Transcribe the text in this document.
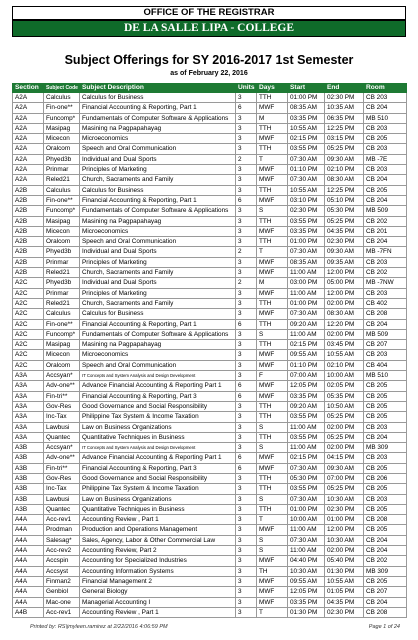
OFFICE OF THE REGISTRAR
DE LA SALLE LIPA - COLLEGE
Subject Offerings for SY 2016-2017 1st Semester
as of February 22, 2016
Section	Subject Code	Subject Description	Units	Days	Start	End	Room
A2A	Calculus	Calculus for Business	3	TTH	01:00 PM	02:30 PM	CB 203
A2A	Fin-one**	Financial Accounting & Reporting, Part 1	6	MWF	08:35 AM	10:35 AM	CB 204
A2A	Funcomp*	Fundamentals of Computer Software & Applications	3	M	03:35 PM	06:35 PM	MB 510
A2A	Masipag	Masining na Pagpapahayag	3	TTH	10:55 AM	12:25 PM	CB 203
A2A	Micecon	Microeconomics	3	MWF	02:15 PM	03:15 PM	CB 205
A2A	Oralcom	Speech and Oral Communication	3	TTH	03:55 PM	05:25 PM	CB 203
A2A	Phyed3b	Individual and Dual Sports	2	T	07:30 AM	09:30 AM	MB -7E
A2A	Prinmar	Principles of Marketing	3	MWF	01:10 PM	02:10 PM	CB 203
A2A	Reled21	Church, Sacraments and Family	3	MWF	07:30 AM	08:30 AM	CB 204
A2B	Calculus	Calculus for Business	3	TTH	10:55 AM	12:25 PM	CB 205
A2B	Fin-one**	Financial Accounting & Reporting, Part 1	6	MWF	03:10 PM	05:10 PM	CB 204
A2B	Funcomp*	Fundamentals of Computer Software & Applications	3	S	02:30 PM	05:30 PM	MB 509
A2B	Masipag	Masining na Pagpapahayag	3	TTH	03:55 PM	05:25 PM	CB 202
A2B	Micecon	Microeconomics	3	MWF	03:35 PM	04:35 PM	CB 201
A2B	Oralcom	Speech and Oral Communication	3	TTH	01:00 PM	02:30 PM	CB 204
A2B	Phyed3b	Individual and Dual Sports	2	T	07:30 AM	09:30 AM	MB -7FN
A2B	Prinmar	Principles of Marketing	3	MWF	08:35 AM	09:35 AM	CB 203
A2B	Reled21	Church, Sacraments and Family	3	MWF	11:00 AM	12:00 PM	CB 202
A2C	Phyed3b	Individual and Dual Sports	2	M	03:00 PM	05:00 PM	MB -7NW
A2C	Prinmar	Principles of Marketing	3	MWF	11:00 AM	12:00 PM	CB 203
A2C	Reled21	Church, Sacraments and Family	3	TTH	01:00 PM	02:00 PM	CB 402
A2C	Calculus	Calculus for Business	3	MWF	07:30 AM	08:30 AM	CB 208
A2C	Fin-one**	Financial Accounting & Reporting, Part 1	6	TTH	09:20 AM	12:20 PM	CB 204
A2C	Funcomp*	Fundamentals of Computer Software & Applications	3	S	11:00 AM	02:00 PM	MB 509
A2C	Masipag	Masining na Pagpapahayag	3	TTH	02:15 PM	03:45 PM	CB 207
A2C	Micecon	Microeconomics	3	MWF	09:55 AM	10:55 AM	CB 203
A2C	Oralcom	Speech and Oral Communication	3	MWF	01:10 PM	02:10 PM	CB 404
A3A	Accsyan*	IT Concepts and System Analysis and Design Development	3	F	07:00 AM	10:00 AM	MB 510
A3A	Adv-one**	Advance Financial Accounting & Reporting Part 1	6	MWF	12:05 PM	02:05 PM	CB 205
A3A	Fin-tri**	Financial Accounting & Reporting, Part 3	6	MWF	03:35 PM	05:35 PM	CB 205
A3A	Gov-Res	Good Governance and Social Responsibility	3	TTH	09:20 AM	10:50 AM	CB 205
A3A	Inc-Tax	Philippine Tax System & Income Taxation	3	TTH	03:55 PM	05:25 PM	CB 205
A3A	Lawbusi	Law on Business Organizations	3	S	11:00 AM	02:00 PM	CB 203
A3A	Quantec	Quantitative Techniques in Business	3	TTH	03:55 PM	05:25 PM	CB 204
A3B	Accsyan*	IT Concepts and System Analysis and Design Development	3	S	11:00 AM	02:00 PM	MB 309
A3B	Adv-one**	Advance Financial Accounting & Reporting Part 1	6	MWF	02:15 PM	04:15 PM	CB 203
A3B	Fin-tri**	Financial Accounting & Reporting, Part 3	6	MWF	07:30 AM	09:30 AM	CB 205
A3B	Gov-Res	Good Governance and Social Responsibility	3	TTH	05:30 PM	07:00 PM	CB 206
A3B	Inc-Tax	Philippine Tax System & Income Taxation	3	TTH	03:55 PM	05:25 PM	CB 205
A3B	Lawbusi	Law on Business Organizations	3	S	07:30 AM	10:30 AM	CB 203
A3B	Quantec	Quantitative Techniques in Business	3	TTH	01:00 PM	02:30 PM	CB 205
A4A	Acc-rev1	Accounting Review , Part 1	3	T	10:00 AM	01:00 PM	CB 208
A4A	Prodman	Production and Operations Management	3	MWF	11:00 AM	12:00 PM	CB 205
A4A	Salesag*	Sales, Agency, Labor & Other Commercial Law	3	S	07:30 AM	10:30 AM	CB 204
A4A	Acc-rev2	Accounting Review, Part 2	3	S	11:00 AM	02:00 PM	CB 204
A4A	Accspin	Accounting for Specialized Industries	3	MWF	04:40 PM	05:40 PM	CB 202
A4A	Accsyst	Accounting Information Systems	3	TH	10:30 AM	01:30 PM	MB 309
A4A	Finman2	Financial Management 2	3	MWF	09:55 AM	10:55 AM	CB 205
A4A	Genbiol	General Biology	3	MWF	12:05 PM	01:05 PM	CB 207
A4A	Mac-one	Managerial Accounting I	3	MWF	03:35 PM	04:35 PM	CB 204
A4B	Acc-rev1	Accounting Review , Part 1	3	T	01:30 PM	02:30 PM	CB 208
Printed by: RS\jmyleen.ramirez at 2/22/2016 4:06:59 PM	Page 1 of 24
